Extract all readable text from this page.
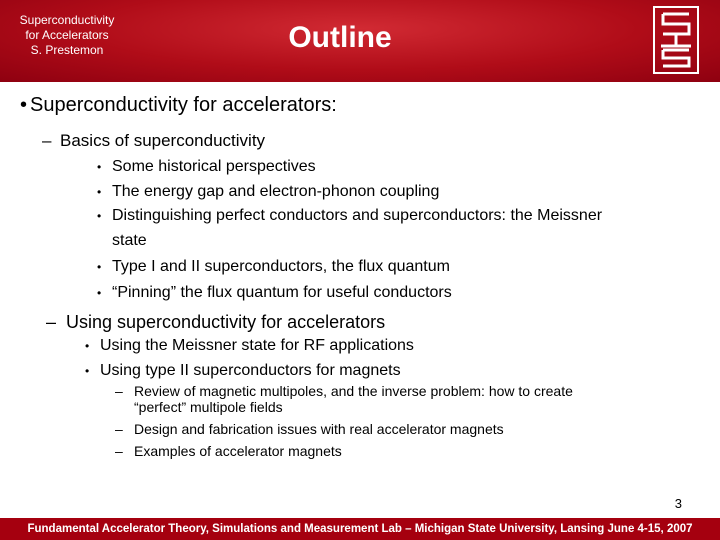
Superconductivity
for Accelerators
S. Prestemon	Outline
• Superconductivity for accelerators:
– Basics of superconductivity
• Some historical perspectives
• The energy gap and electron-phonon coupling
• Distinguishing perfect conductors and superconductors: the Meissner
state
• Type I and II superconductors, the flux quantum
• “Pinning” the flux quantum for useful conductors
– Using superconductivity for accelerators
• Using the Meissner state for RF applications
• Using type II superconductors for magnets
– Review of magnetic multipoles, and the inverse problem: how to create
“perfect” multipole fields
– Design and fabrication issues with real accelerator magnets
– Examples of accelerator magnets
3
Fundamental Accelerator Theory, Simulations and Measurement Lab – Michigan State University, Lansing June 4-15, 2007
